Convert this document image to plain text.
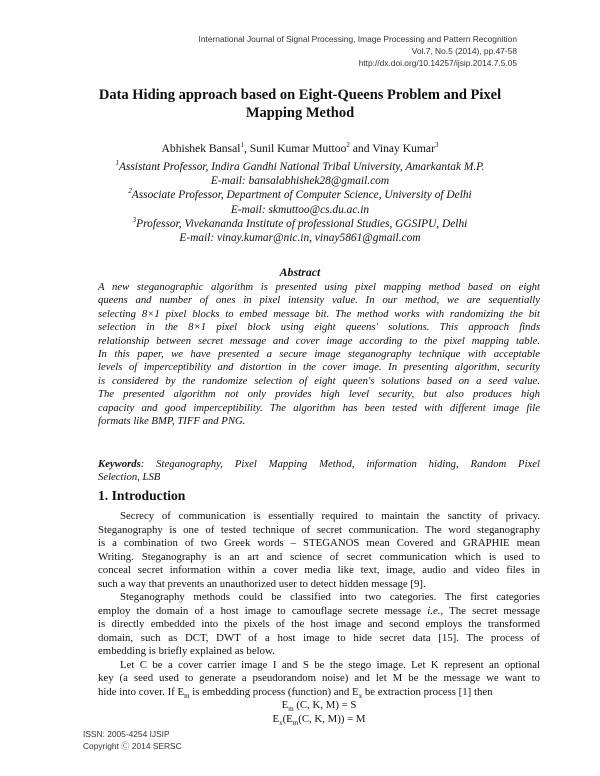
International Journal of Signal Processing, Image Processing and Pattern Recognition
Vol.7, No.5 (2014), pp.47-58
http://dx.doi.org/10.14257/ijsip.2014.7.5.05
Data Hiding approach based on Eight-Queens Problem and Pixel
Mapping Method
Abhishek Bansal$^1$, Sunil Kumar Muttoo$^2$ and Vinay Kumar$^3$
$^1$Assistant Professor, Indira Gandhi National Tribal University, Amarkantak M.P.
E-mail: bansalabhishek28@gmail.com
$^2$Associate Professor, Department of Computer Science, University of Delhi
E-mail: skmuttoo@cs.du.ac.in
$^3$Professor, Vivekananda Institute of professional Studies, GGSIPU, Delhi
E-mail: vinay.kumar@nic.in, vinay5861@gmail.com
Abstract
A new steganographic algorithm is presented using pixel mapping method based on eight
queens and number of ones in pixel intensity value. In our method, we are sequentially
selecting 8×1 pixel blocks to embed message bit. The method works with randomizing the bit
selection in the 8×1 pixel block using eight queens' solutions. This approach finds
relationship between secret message and cover image according to the pixel mapping table.
In this paper, we have presented a secure image steganography technique with acceptable
levels of imperceptibility and distortion in the cover image. In presenting algorithm, security
is considered by the randomize selection of eight queen's solutions based on a seed value.
The presented algorithm not only provides high level security, but also produces high
capacity and good imperceptibility. The algorithm has been tested with different image file
formats like BMP, TIFF and PNG.
Keywords: Steganography, Pixel Mapping Method, information hiding, Random Pixel
Selection, LSB
1. Introduction
Secrecy of communication is essentially required to maintain the sanctity of privacy.
Steganography is one of tested technique of secret communication. The word steganography
is a combination of two Greek words – STEGANOS mean Covered and GRAPHIE mean
Writing. Steganography is an art and science of secret communication which is used to
conceal secret information within a cover media like text, image, audio and video files in
such a way that prevents an unauthorized user to detect hidden message [9].
Steganography methods could be classified into two categories. The first categories
employ the domain of a host image to camouflage secrete message i.e., The secret message
is directly embedded into the pixels of the host image and second employs the transformed
domain, such as DCT, DWT of a host image to hide secret data [15]. The process of
embedding is briefly explained as below.
Let C be a cover carrier image I and S be the stego image. Let K represent an optional
key (a seed used to generate a pseudorandom noise) and let M be the message we want to
hide into cover. If $E_m$ is embedding process (function) and $E_x$ be extraction process [1] then
$E_m$ (C, K, M) = S
$E_x(E_m(C$, K, M)) = M
ISSN: 2005-4254 IJSIP
Copyright Ⓒ 2014 SERSC
